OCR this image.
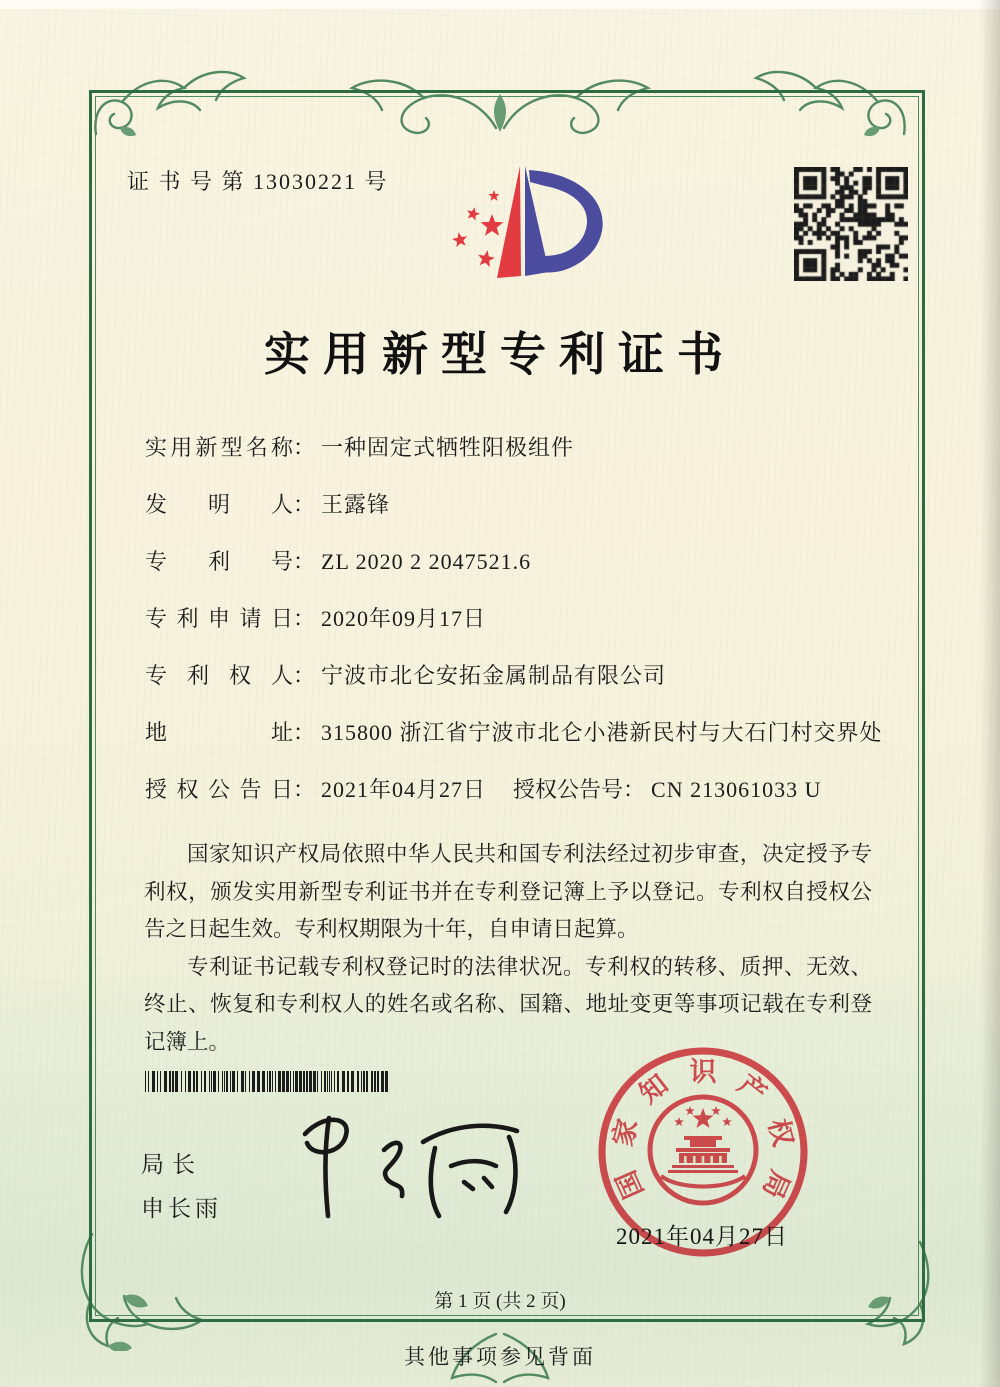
证 书 号 第 13030221 号
实用新型专利证书
实用新型名称： 一种固定式牺牲阳极组件
发明人： 王露锋
专利号： ZL 2020 2 2047521.6
专利申请日： 2020年09月17日
专利权人： 宁波市北仑安拓金属制品有限公司
地址： 315800 浙江省宁波市北仑小港新民村与大石门村交界处
授权公告日： 2021年04月27日 授权公告号： CN 213061033 U

国家知识产权局依照中华人民共和国专利法经过初步审查，决定授予专利权，颁发实用新型专利证书并在专利登记簿上予以登记。专利权自授权公告之日起生效。专利权期限为十年，自申请日起算。

专利证书记载专利权登记时的法律状况。专利权的转移、质押、无效、终止、恢复和专利权人的姓名或名称、国籍、地址变更等事项记载在专利登记簿上。

局长
申长雨
国
家
知 识 产
权
局
2021年04月27日
第 1 页 (共 2 页)
其他事项参见背面
